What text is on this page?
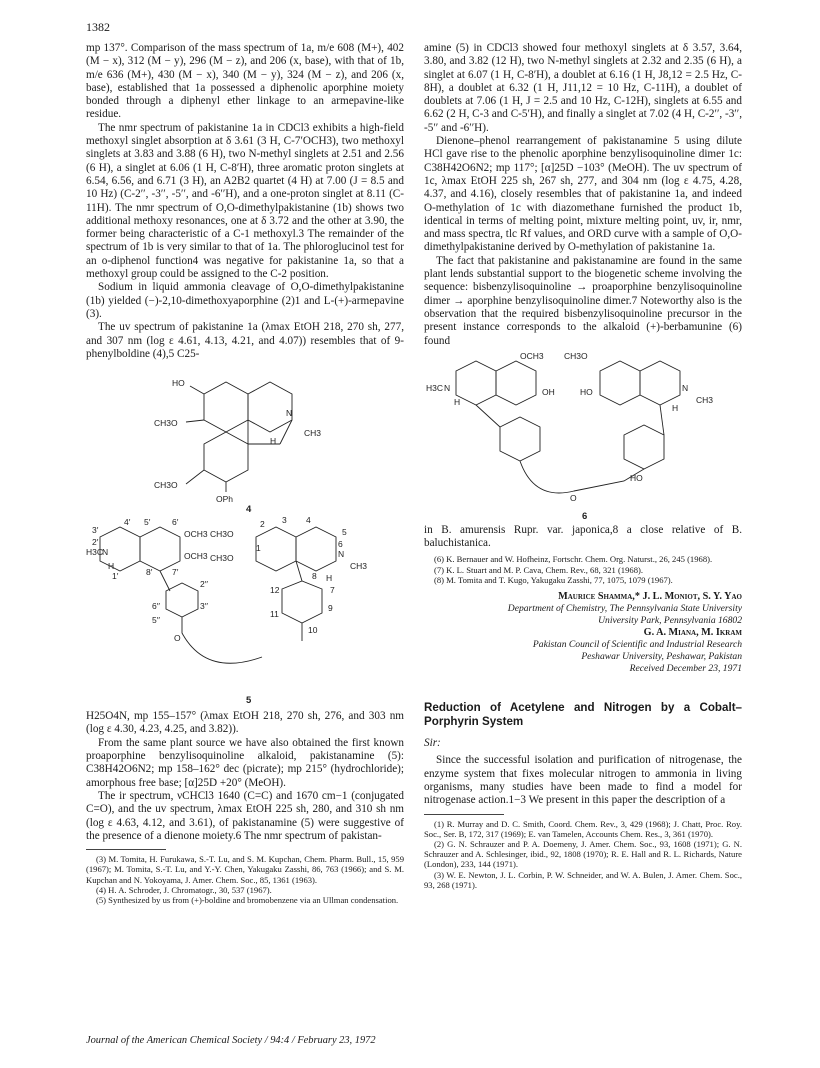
1382

mp 137°. Comparison of the mass spectrum of 1a, m/e 608 (M+), 402 (M − x), 312 (M − y), 296 (M − z), and 206 (x, base), with that of 1b, m/e 636 (M+), 430 (M − x), 340 (M − y), 324 (M − z), and 206 (x, base), established that 1a possessed a diphenolic aporphine moiety bonded through a diphenyl ether linkage to an armepavine-like residue.

The nmr spectrum of pakistanine 1a in CDCl3 exhibits a high-field methoxyl singlet absorption at δ 3.61 (3 H, C-7′OCH3), two methoxyl singlets at 3.83 and 3.88 (6 H), two N-methyl singlets at 2.51 and 2.56 (6 H), a singlet at 6.06 (1 H, C-8′H), three aromatic proton singlets at 6.54, 6.56, and 6.71 (3 H), an A2B2 quartet (4 H) at 7.00 (J = 8.5 and 10 Hz) (C-2′′, -3′′, -5′′, and -6′′H), and a one-proton singlet at 8.11 (C-11H). The nmr spectrum of O,O-dimethylpakistanine (1b) shows two additional methoxy resonances, one at δ 3.72 and the other at 3.90, the former being characteristic of a C-1 methoxyl.3 The remainder of the spectrum of 1b is very similar to that of 1a. The phloroglucinol test for an o-diphenol function4 was negative for pakistanine 1a, so that a methoxyl group could be assigned to the C-2 position.

Sodium in liquid ammonia cleavage of O,O-dimethylpakistanine (1b) yielded (−)-2,10-dimethoxyaporphine (2)1 and L-(+)-armepavine (3).

The uv spectrum of pakistanine 1a (λmax EtOH 218, 270 sh, 277, and 307 nm (log ε 4.61, 4.13, 4.21, and 4.07)) resembles that of 9-phenylboldine (4),5 C25-

HO
CH3O
N
CH3
H
CH3O
OPh
4
H3C
N
H
OCH3
OCH3
4′
3′
5′	6′
8′ 7′
1′
2′
2′′
3′′
6′′
5′′
O
CH3O
CH3O	N
CH3
H
2 3 4
1
5
6
7
9
10
11
12
8
5

H25O4N, mp 155–157° (λmax EtOH 218, 270 sh, 276, and 303 nm (log ε 4.30, 4.23, 4.25, and 3.82)).

From the same plant source we have also obtained the first known proaporphine benzylisoquinoline alkaloid, pakistanamine (5): C38H42O6N2; mp 158–162° dec (picrate); mp 215° (hydrochloride); amorphous free base; [α]25D +20° (MeOH).

The ir spectrum, νCHCl3 1640 (C=C) and 1670 cm−1 (conjugated C=O), and the uv spectrum, λmax EtOH 225 sh, 280, and 310 sh nm (log ε 4.63, 4.12, and 3.61), of pakistanamine (5) were suggestive of the presence of a dienone moiety.6 The nmr spectrum of pakistan-

(3) M. Tomita, H. Furukawa, S.-T. Lu, and S. M. Kupchan, Chem. Pharm. Bull., 15, 959 (1967); M. Tomita, S.-T. Lu, and Y.-Y. Chen, Yakugaku Zasshi, 86, 763 (1966); and S. M. Kupchan and N. Yokoyama, J. Amer. Chem. Soc., 85, 1361 (1963).
(4) H. A. Schroder, J. Chromatogr., 30, 537 (1967).
(5) Synthesized by us from (+)-boldine and bromobenzene via an Ullman condensation.

amine (5) in CDCl3 showed four methoxyl singlets at δ 3.57, 3.64, 3.80, and 3.82 (12 H), two N-methyl singlets at 2.32 and 2.35 (6 H), a singlet at 6.07 (1 H, C-8′H), a doublet at 6.16 (1 H, J8,12 = 2.5 Hz, C-8H), a doublet at 6.32 (1 H, J11,12 = 10 Hz, C-11H), a doublet of doublets at 7.06 (1 H, J = 2.5 and 10 Hz, C-12H), singlets at 6.55 and 6.62 (2 H, C-3 and C-5′H), and finally a singlet at 7.02 (4 H, C-2′′, -3′′, -5′′ and -6′′H).

Dienone–phenol rearrangement of pakistanamine 5 using dilute HCl gave rise to the phenolic aporphine benzylisoquinoline dimer 1c: C38H42O6N2; mp 117°; [α]25D −103° (MeOH). The uv spectrum of 1c, λmax EtOH 225 sh, 267 sh, 277, and 304 nm (log ε 4.75, 4.28, 4.37, and 4.16), closely resembles that of pakistanine 1a, and indeed O-methylation of 1c with diazomethane furnished the product 1b, identical in terms of melting point, mixture melting point, uv, ir, nmr, and mass spectra, tlc Rf values, and ORD curve with a sample of O,O-dimethylpakistanine derived by O-methylation of pakistanine 1a.

The fact that pakistanine and pakistanamine are found in the same plant lends substantial support to the biogenetic scheme involving the sequence: bisbenzylisoquinoline → proaporphine benzylisoquinoline dimer → aporphine benzylisoquinoline dimer.7 Noteworthy also is the observation that the required bisbenzylisoquinoline precursor in the present instance corresponds to the alkaloid (+)-berbamunine (6) found

OCH3 CH3O
H3C N
H
OH	HO	N
CH3
H
O
HO
6

in B. amurensis Rupr. var. japonica,8 a close relative of B. baluchistanica.

(6) K. Bernauer and W. Hofheinz, Fortschr. Chem. Org. Naturst., 26, 245 (1968).
(7) K. L. Stuart and M. P. Cava, Chem. Rev., 68, 321 (1968).
(8) M. Tomita and T. Kugo, Yakugaku Zasshi, 77, 1075, 1079 (1967).
Maurice Shamma,* J. L. Moniot, S. Y. Yao
Department of Chemistry, The Pennsylvania State University
University Park, Pennsylvania 16802
G. A. Miana, M. Ikram
Pakistan Council of Scientific and Industrial Research
Peshawar University, Peshawar, Pakistan
Received December 23, 1971
Reduction of Acetylene and Nitrogen by a Cobalt–Porphyrin System
Sir:

Since the successful isolation and purification of nitrogenase, the enzyme system that fixes molecular nitrogen to ammonia in living organisms, many studies have been made to find a model for nitrogenase action.1−3 We present in this paper the description of a

(1) R. Murray and D. C. Smith, Coord. Chem. Rev., 3, 429 (1968); J. Chatt, Proc. Roy. Soc., Ser. B, 172, 317 (1969); E. van Tamelen, Accounts Chem. Res., 3, 361 (1970).
(2) G. N. Schrauzer and P. A. Doemeny, J. Amer. Chem. Soc., 93, 1608 (1971); G. N. Schrauzer and A. Schlesinger, ibid., 92, 1808 (1970); R. E. Hall and R. L. Richards, Nature (London), 233, 144 (1971).
(3) W. E. Newton, J. L. Corbin, P. W. Schneider, and W. A. Bulen, J. Amer. Chem. Soc., 93, 268 (1971).
Journal of the American Chemical Society / 94:4 / February 23, 1972
